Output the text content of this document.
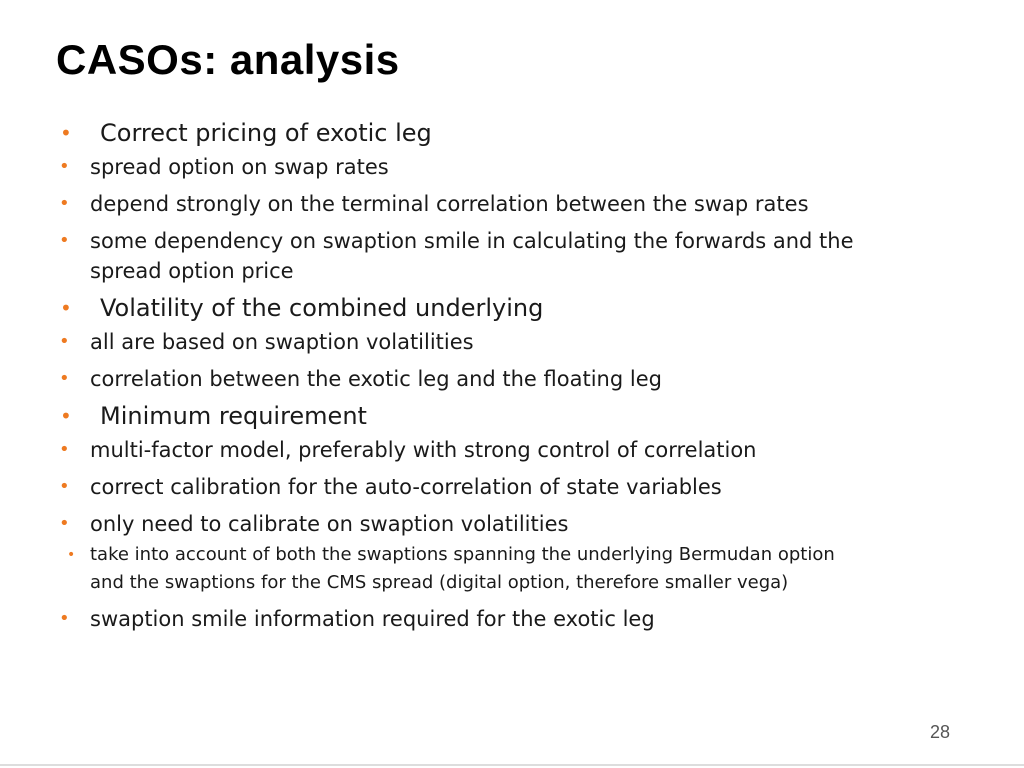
CASOs: analysis
• Correct pricing of exotic leg
• spread option on swap rates
• depend strongly on the terminal correlation between the swap rates
• some dependency on swaption smile in calculating the forwards and the spread option price
• Volatility of the combined underlying
• all are based on swaption volatilities
• correlation between the exotic leg and the floating leg
• Minimum requirement
• multi-factor model, preferably with strong control of correlation
• correct calibration for the auto-correlation of state variables
• only need to calibrate on swaption volatilities
• take into account of both the swaptions spanning the underlying Bermudan option and the swaptions for the CMS spread (digital option, therefore smaller vega)
• swaption smile information required for the exotic leg
28
